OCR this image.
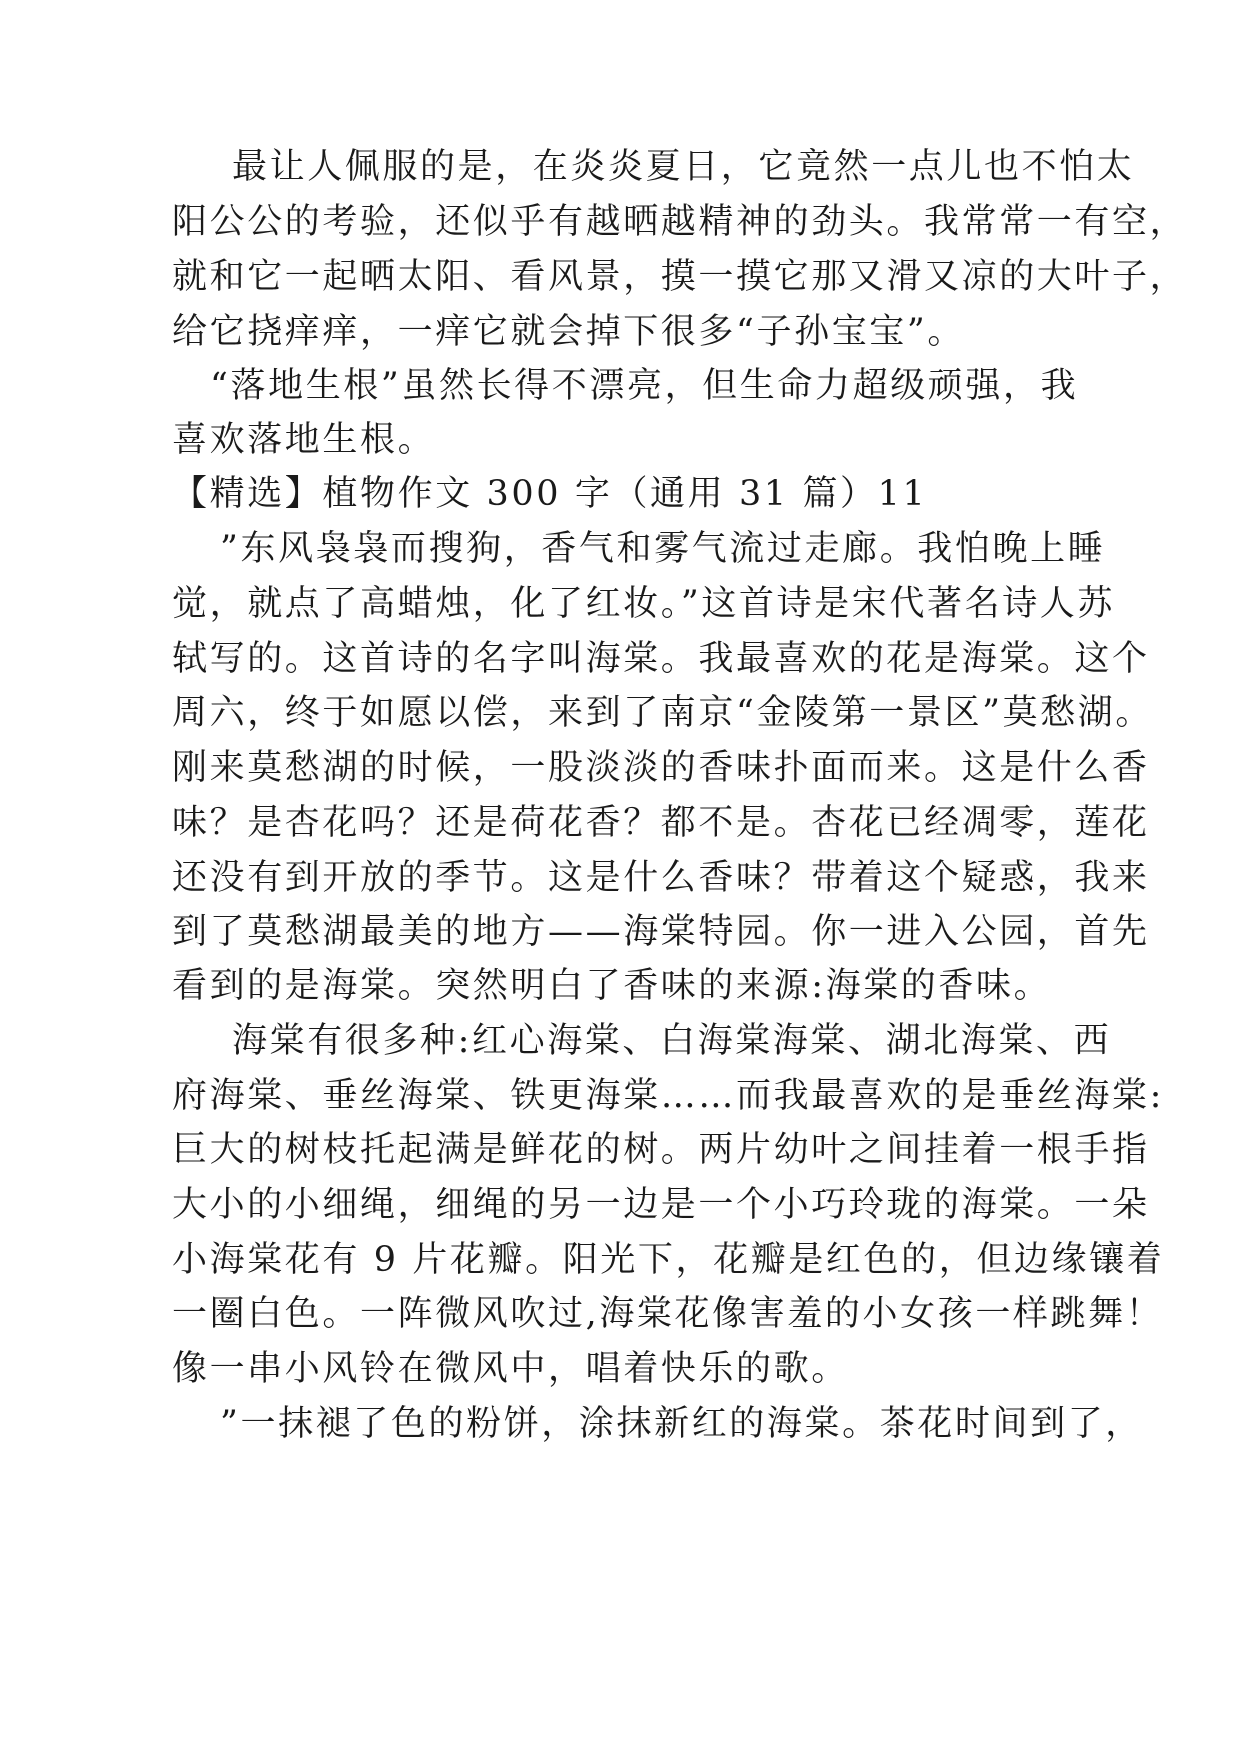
最让人佩服的是，在炎炎夏日，它竟然一点儿也不怕太
阳公公的考验，还似乎有越晒越精神的劲头。我常常一有空，
就和它一起晒太阳、看风景，摸一摸它那又滑又凉的大叶子，
给它挠痒痒，一痒它就会掉下很多“子孙宝宝”。
“落地生根”虽然长得不漂亮，但生命力超级顽强，我
喜欢落地生根。
【精选】植物作文 300 字（通用 31 篇）11
”东风袅袅而搜狗，香气和雾气流过走廊。我怕晚上睡
觉，就点了高蜡烛，化了红妆。”这首诗是宋代著名诗人苏
轼写的。这首诗的名字叫海棠。我最喜欢的花是海棠。这个
周六，终于如愿以偿，来到了南京“金陵第一景区”莫愁湖。
刚来莫愁湖的时候，一股淡淡的香味扑面而来。这是什么香
味？是杏花吗？还是荷花香？都不是。杏花已经凋零，莲花
还没有到开放的季节。这是什么香味？带着这个疑惑，我来
到了莫愁湖最美的地方——海棠特园。你一进入公园，首先
看到的是海棠。突然明白了香味的来源:海棠的香味。
海棠有很多种:红心海棠、白海棠海棠、湖北海棠、西
府海棠、垂丝海棠、铁更海棠……而我最喜欢的是垂丝海棠:
巨大的树枝托起满是鲜花的树。两片幼叶之间挂着一根手指
大小的小细绳，细绳的另一边是一个小巧玲珑的海棠。一朵
小海棠花有 9 片花瓣。阳光下，花瓣是红色的，但边缘镶着
一圈白色。一阵微风吹过,海棠花像害羞的小女孩一样跳舞！
像一串小风铃在微风中，唱着快乐的歌。
”一抹褪了色的粉饼，涂抹新红的海棠。茶花时间到了，
